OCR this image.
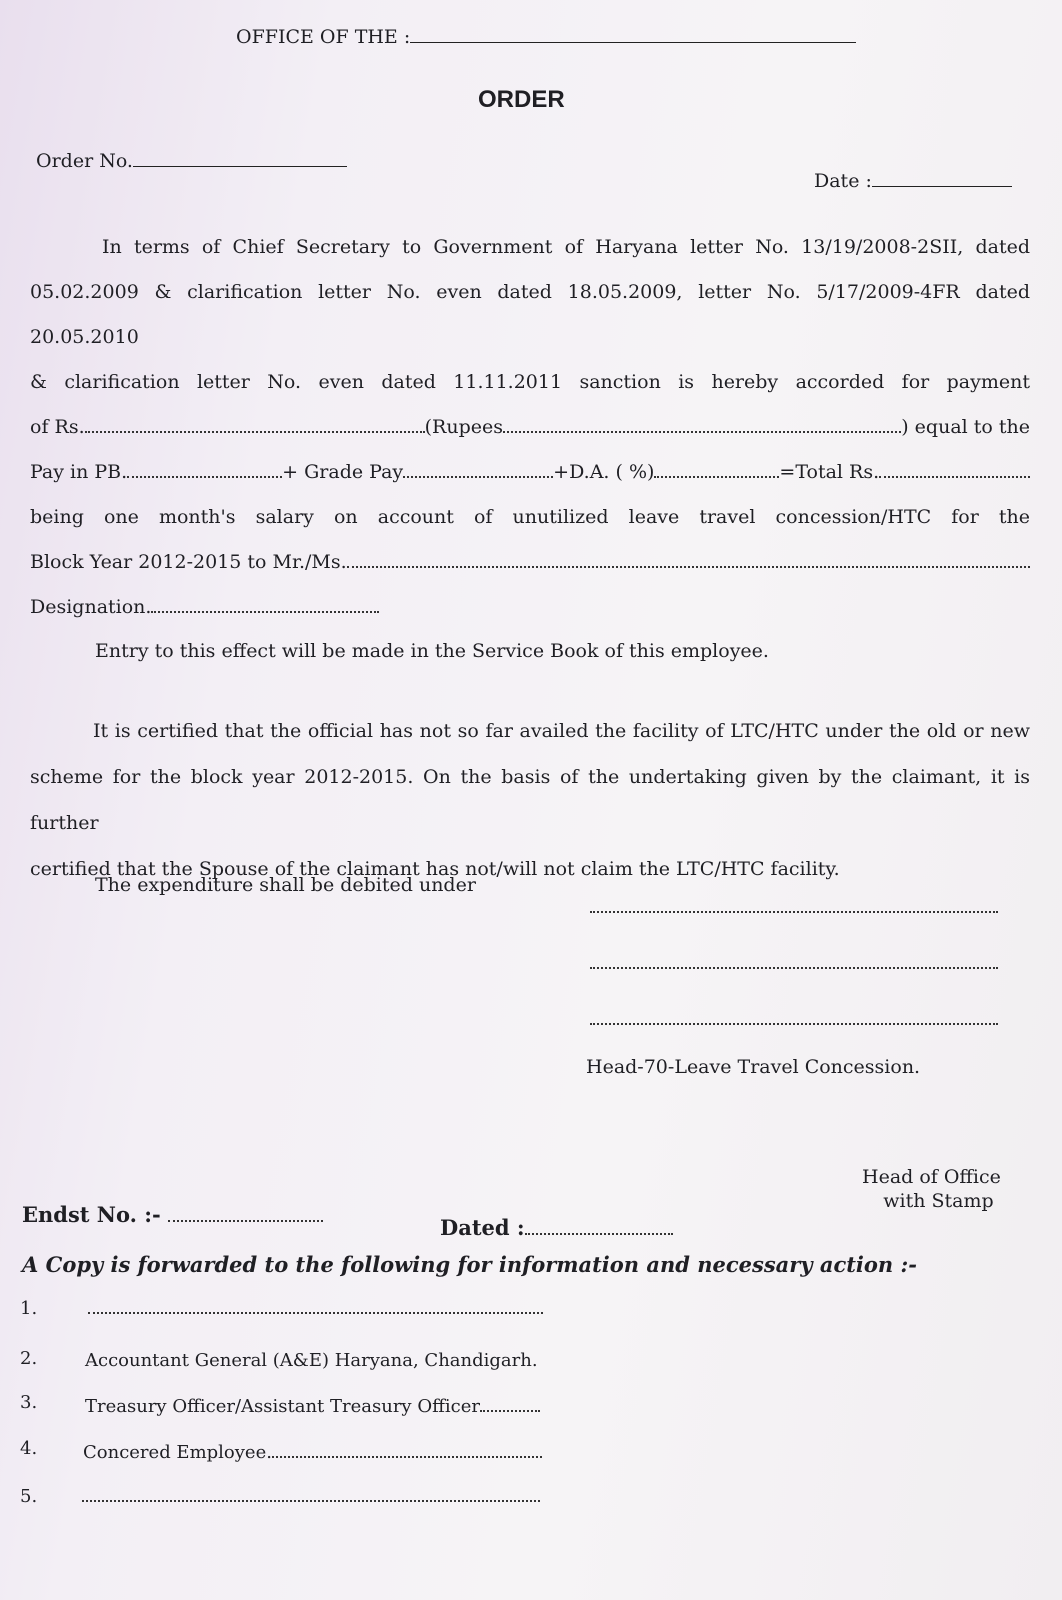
OFFICE OF THE :
ORDER
Order No.
Date :
In terms of Chief Secretary to Government of Haryana letter No. 13/19/2008-2SII, dated
05.02.2009 & clarification letter No. even dated 18.05.2009, letter No. 5/17/2009-4FR dated 20.05.2010
& clarification letter No. even dated 11.11.2011 sanction is hereby accorded for payment
of Rs.	(Rupees	) equal to the
Pay in PB.	+ Grade Pay	+D.A. ( %)	=Total Rs.
being one month's salary on account of unutilized leave travel concession/HTC for the
Block Year 2012-2015 to Mr./Ms.
Designation.
Entry to this effect will be made in the Service Book of this employee.
It is certified that the official has not so far availed the facility of LTC/HTC under the old or new
scheme for the block year 2012-2015. On the basis of the undertaking given by the claimant, it is further
certified that the Spouse of the claimant has not/will not claim the LTC/HTC facility.
The expenditure shall be debited under
Head-70-Leave Travel Concession.
Head of Office
with Stamp
Endst No. :-
Dated :
A Copy is forwarded to the following for information and necessary action :-
1.
2.	Accountant General (A&E) Haryana, Chandigarh.
3.	Treasury Officer/Assistant Treasury Officer
4.	Concered Employee.
5.
